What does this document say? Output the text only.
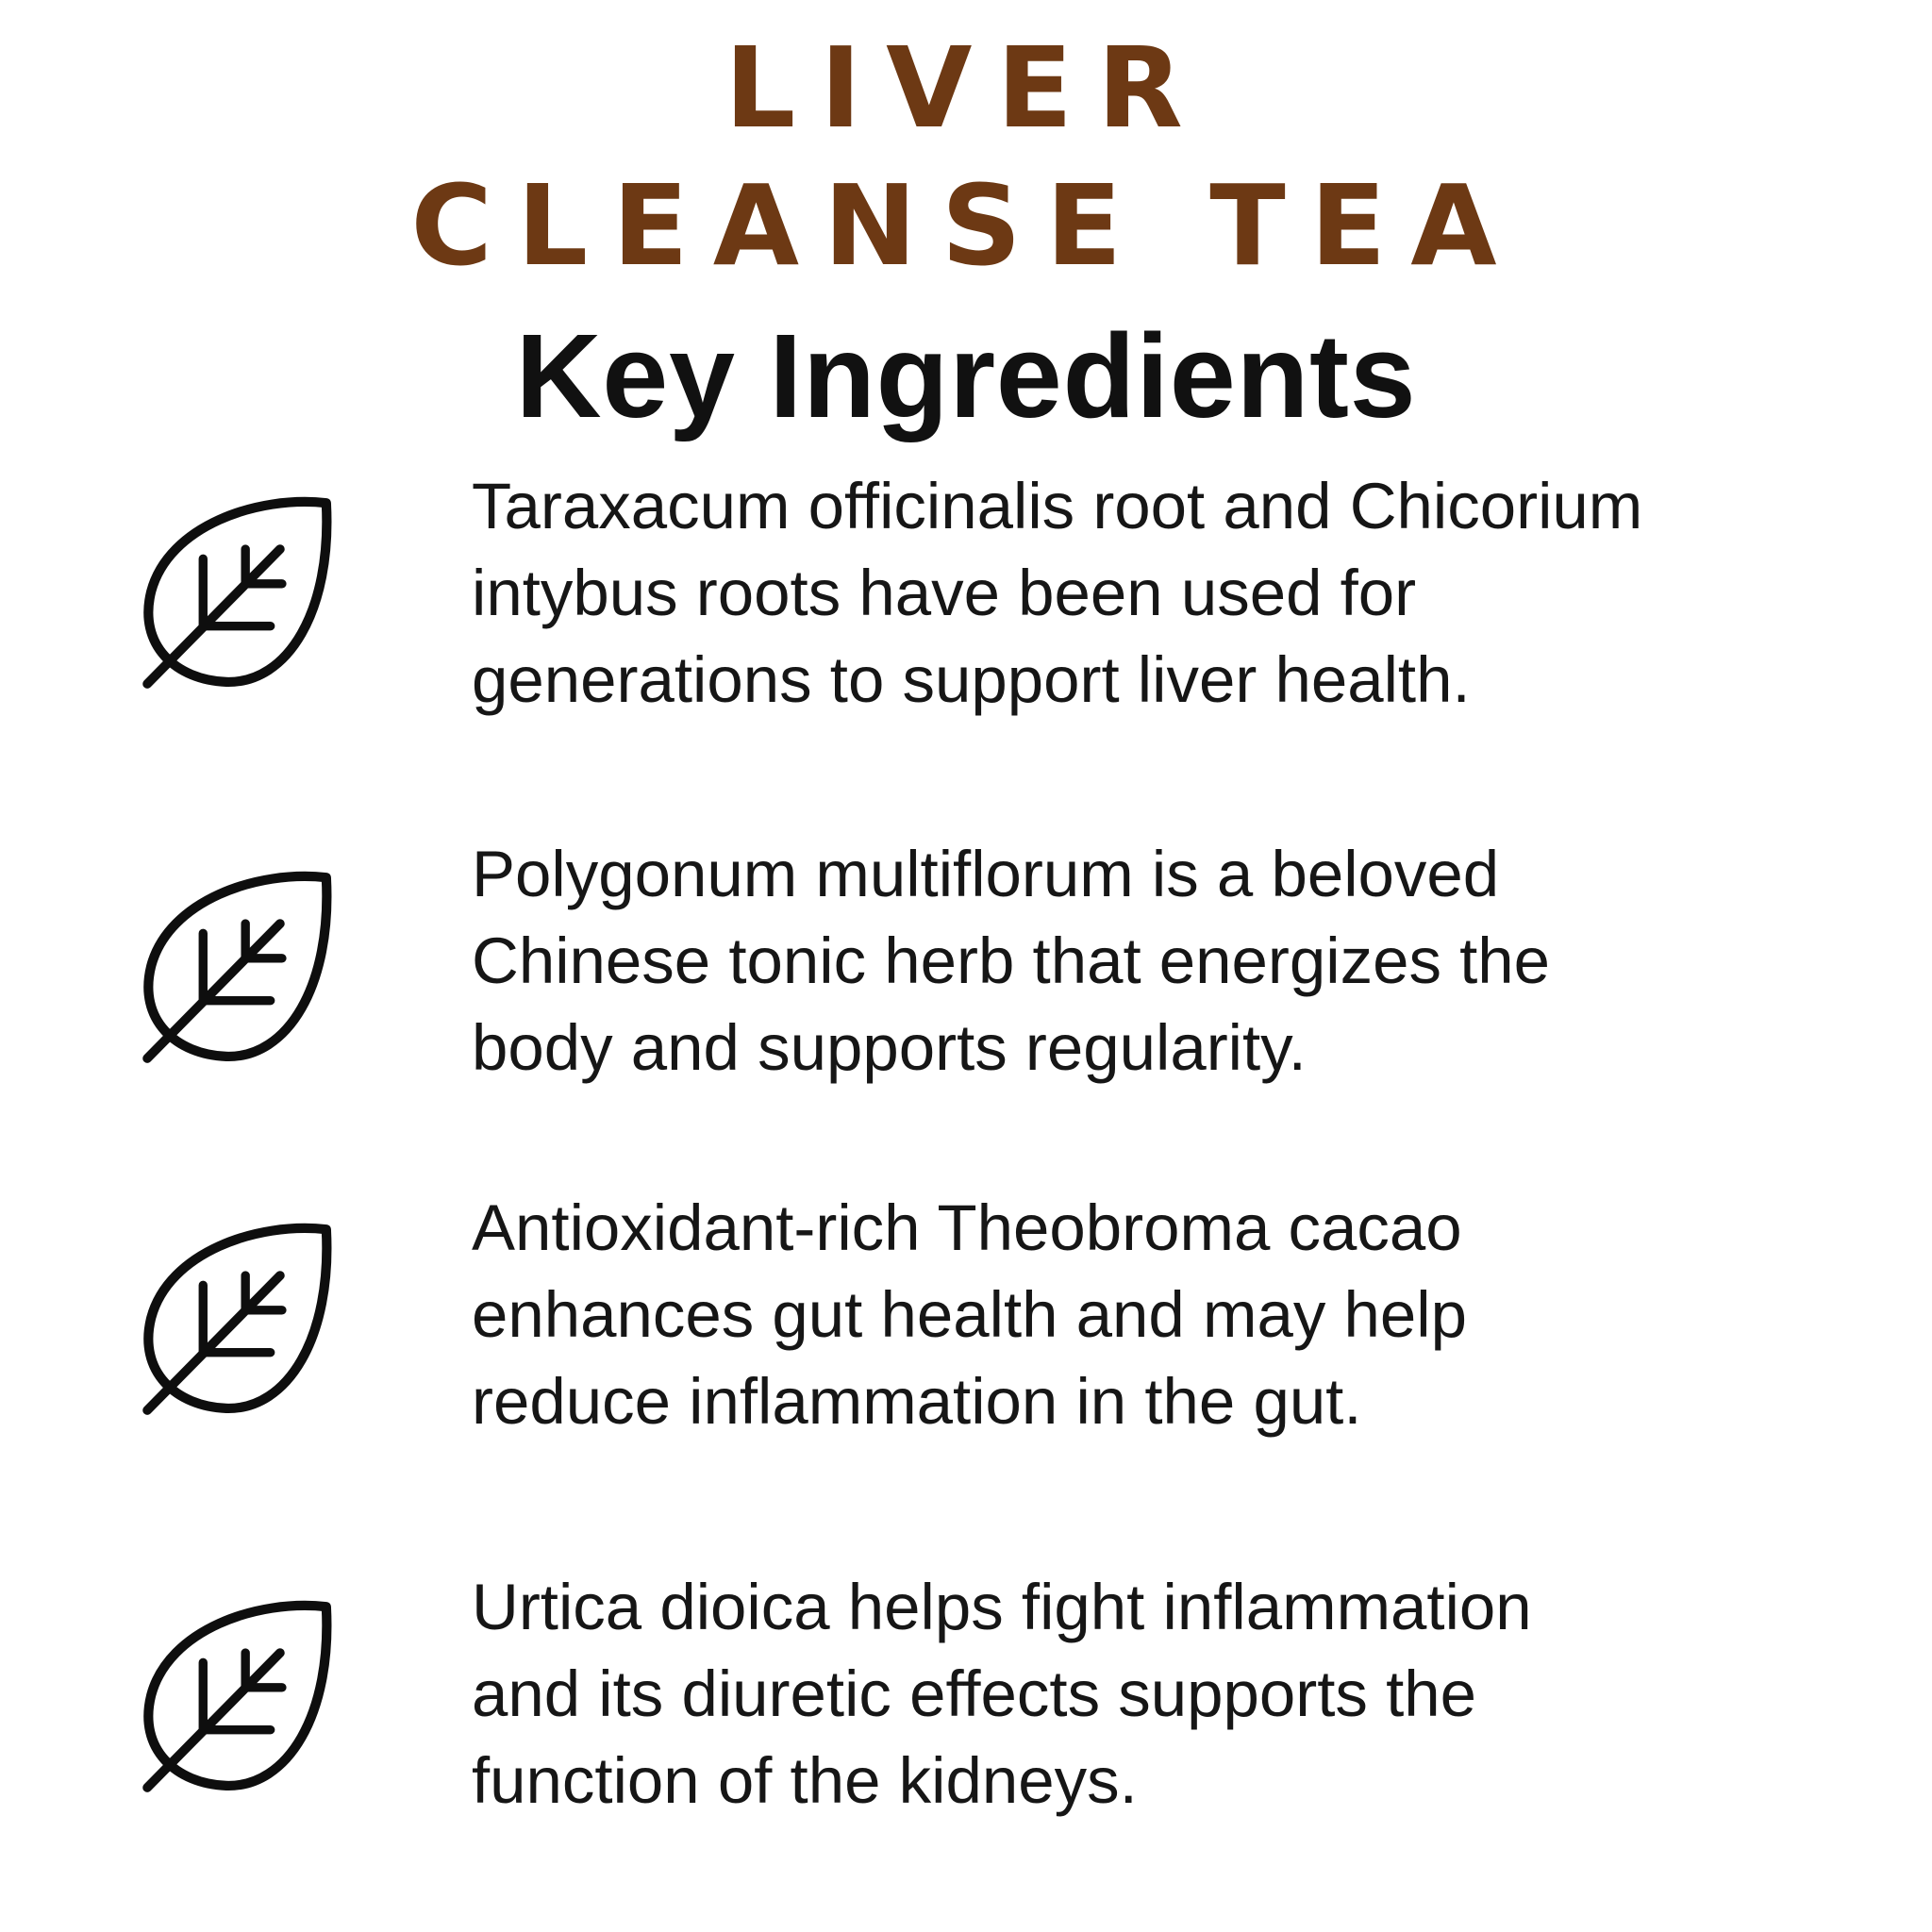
LIVER
CLEANSE TEA
Key Ingredients
Taraxacum officinalis root and Chicorium
intybus roots have been used for
generations to support liver health.
Polygonum multiflorum is a beloved
Chinese tonic herb that energizes the
body and supports regularity.
Antioxidant-rich Theobroma cacao
enhances gut health and may help
reduce inflammation in the gut.
Urtica dioica helps fight inflammation
and its diuretic effects supports the
function of the kidneys.
